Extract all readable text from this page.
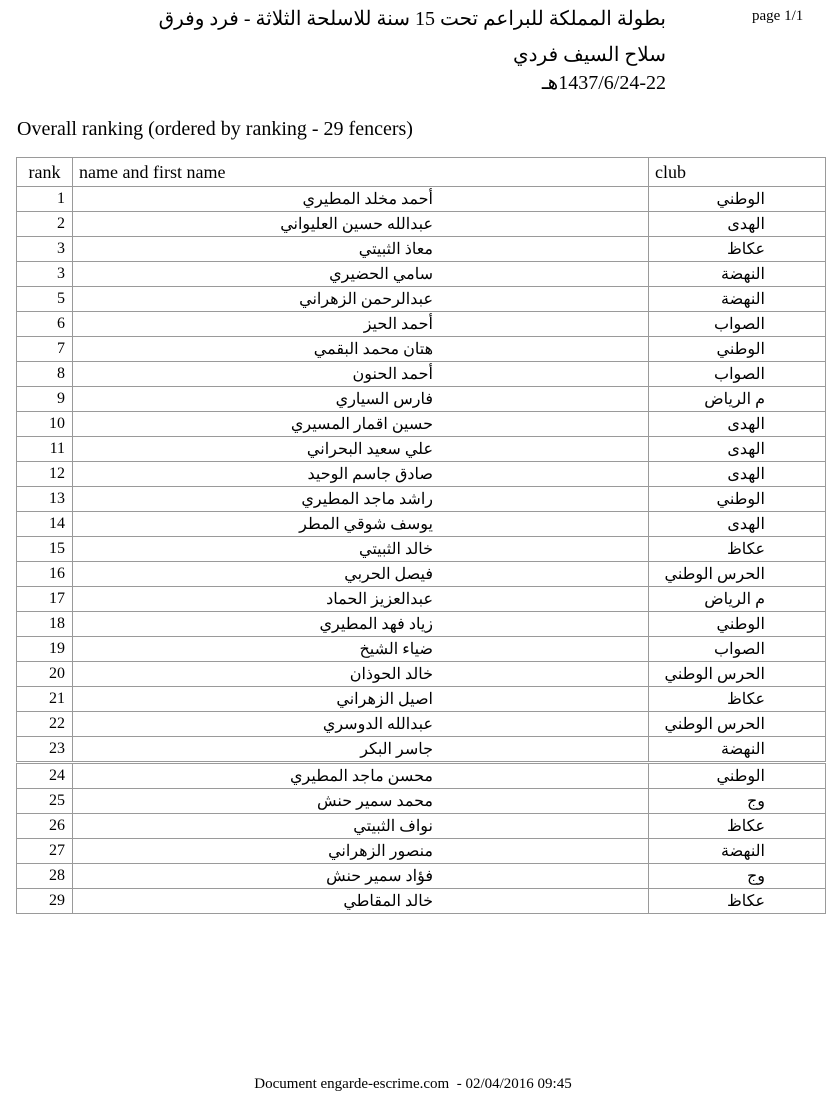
page 1/1
بطولة المملكة للبراعم تحت 15 سنة للاسلحة الثلاثة - فرد وفرق
سلاح السيف فردي
1437/6/24-22هـ
Overall ranking (ordered by ranking - 29 fencers)
rank	name and first name	club
1	أحمد مخلد المطيري	الوطني
2	عبدالله حسين العليواني	الهدى
3	معاذ الثبيتي	عكاظ
3	سامي الحضيري	النهضة
5	عبدالرحمن الزهراني	النهضة
6	أحمد الحيز	الصواب
7	هتان محمد البقمي	الوطني
8	أحمد الحنون	الصواب
9	فارس السياري	م الرياض
10	حسين اقمار المسيري	الهدى
11	علي سعيد البحراني	الهدى
12	صادق جاسم الوحيد	الهدى
13	راشد ماجد المطيري	الوطني
14	يوسف شوقي المطر	الهدى
15	خالد الثبيتي	عكاظ
16	فيصل الحربي	الحرس الوطني
17	عبدالعزيز الحماد	م الرياض
18	زياد فهد المطيري	الوطني
19	ضياء الشيخ	الصواب
20	خالد الحوذان	الحرس الوطني
21	اصيل الزهراني	عكاظ
22	عبدالله الدوسري	الحرس الوطني
23	جاسر البكر	النهضة
24	محسن ماجد المطيري	الوطني
25	محمد سمير حنش	وج
26	نواف الثبيتي	عكاظ
27	منصور الزهراني	النهضة
28	فؤاد سمير حنش	وج
29	خالد المقاطي	عكاظ
Document engarde-escrime.com  - 02/04/2016 09:45
